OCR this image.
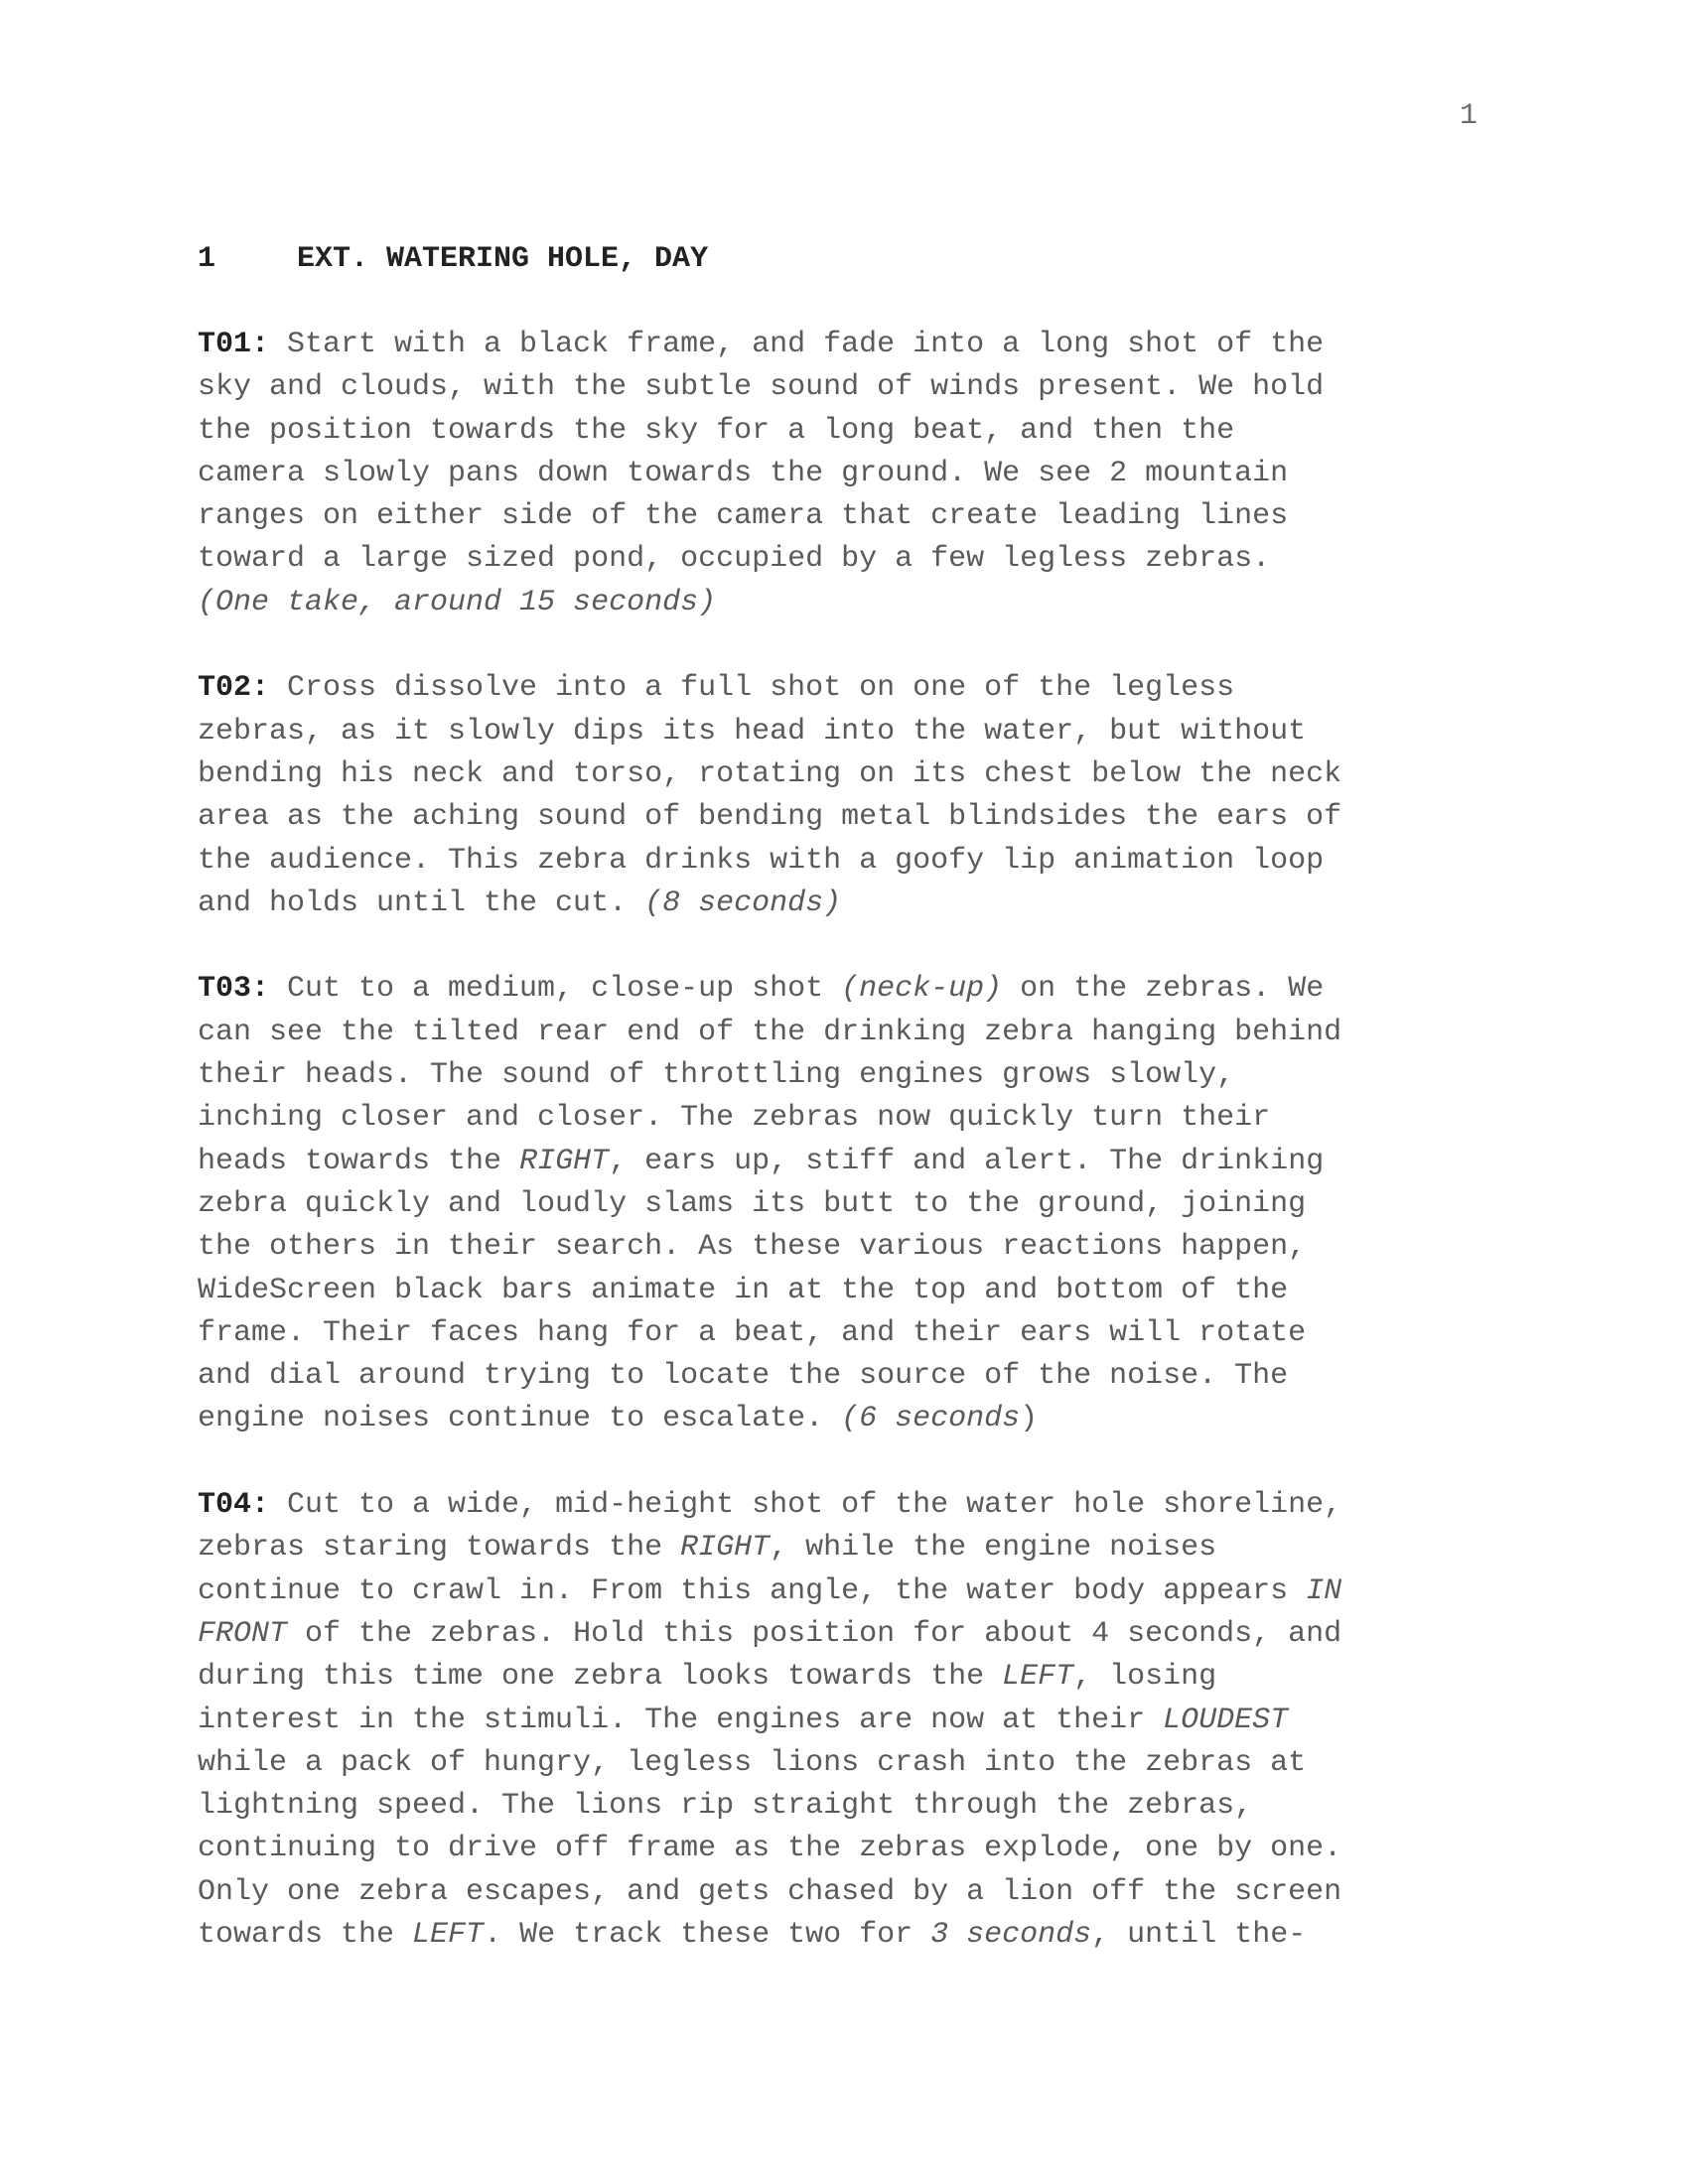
1
1	EXT. WATERING HOLE, DAY
T01: Start with a black frame, and fade into a long shot of the
sky and clouds, with the subtle sound of winds present. We hold
the position towards the sky for a long beat, and then the
camera slowly pans down towards the ground. We see 2 mountain
ranges on either side of the camera that create leading lines
toward a large sized pond, occupied by a few legless zebras.
(One take, around 15 seconds)
T02: Cross dissolve into a full shot on one of the legless
zebras, as it slowly dips its head into the water, but without
bending his neck and torso, rotating on its chest below the neck
area as the aching sound of bending metal blindsides the ears of
the audience. This zebra drinks with a goofy lip animation loop
and holds until the cut. (8 seconds)
T03: Cut to a medium, close-up shot (neck-up) on the zebras. We
can see the tilted rear end of the drinking zebra hanging behind
their heads. The sound of throttling engines grows slowly,
inching closer and closer. The zebras now quickly turn their
heads towards the RIGHT, ears up, stiff and alert. The drinking
zebra quickly and loudly slams its butt to the ground, joining
the others in their search. As these various reactions happen,
WideScreen black bars animate in at the top and bottom of the
frame. Their faces hang for a beat, and their ears will rotate
and dial around trying to locate the source of the noise. The
engine noises continue to escalate. (6 seconds)
T04: Cut to a wide, mid-height shot of the water hole shoreline,
zebras staring towards the RIGHT, while the engine noises
continue to crawl in. From this angle, the water body appears IN
FRONT of the zebras. Hold this position for about 4 seconds, and
during this time one zebra looks towards the LEFT, losing
interest in the stimuli. The engines are now at their LOUDEST
while a pack of hungry, legless lions crash into the zebras at
lightning speed. The lions rip straight through the zebras,
continuing to drive off frame as the zebras explode, one by one.
Only one zebra escapes, and gets chased by a lion off the screen
towards the LEFT. We track these two for 3 seconds, until the-
